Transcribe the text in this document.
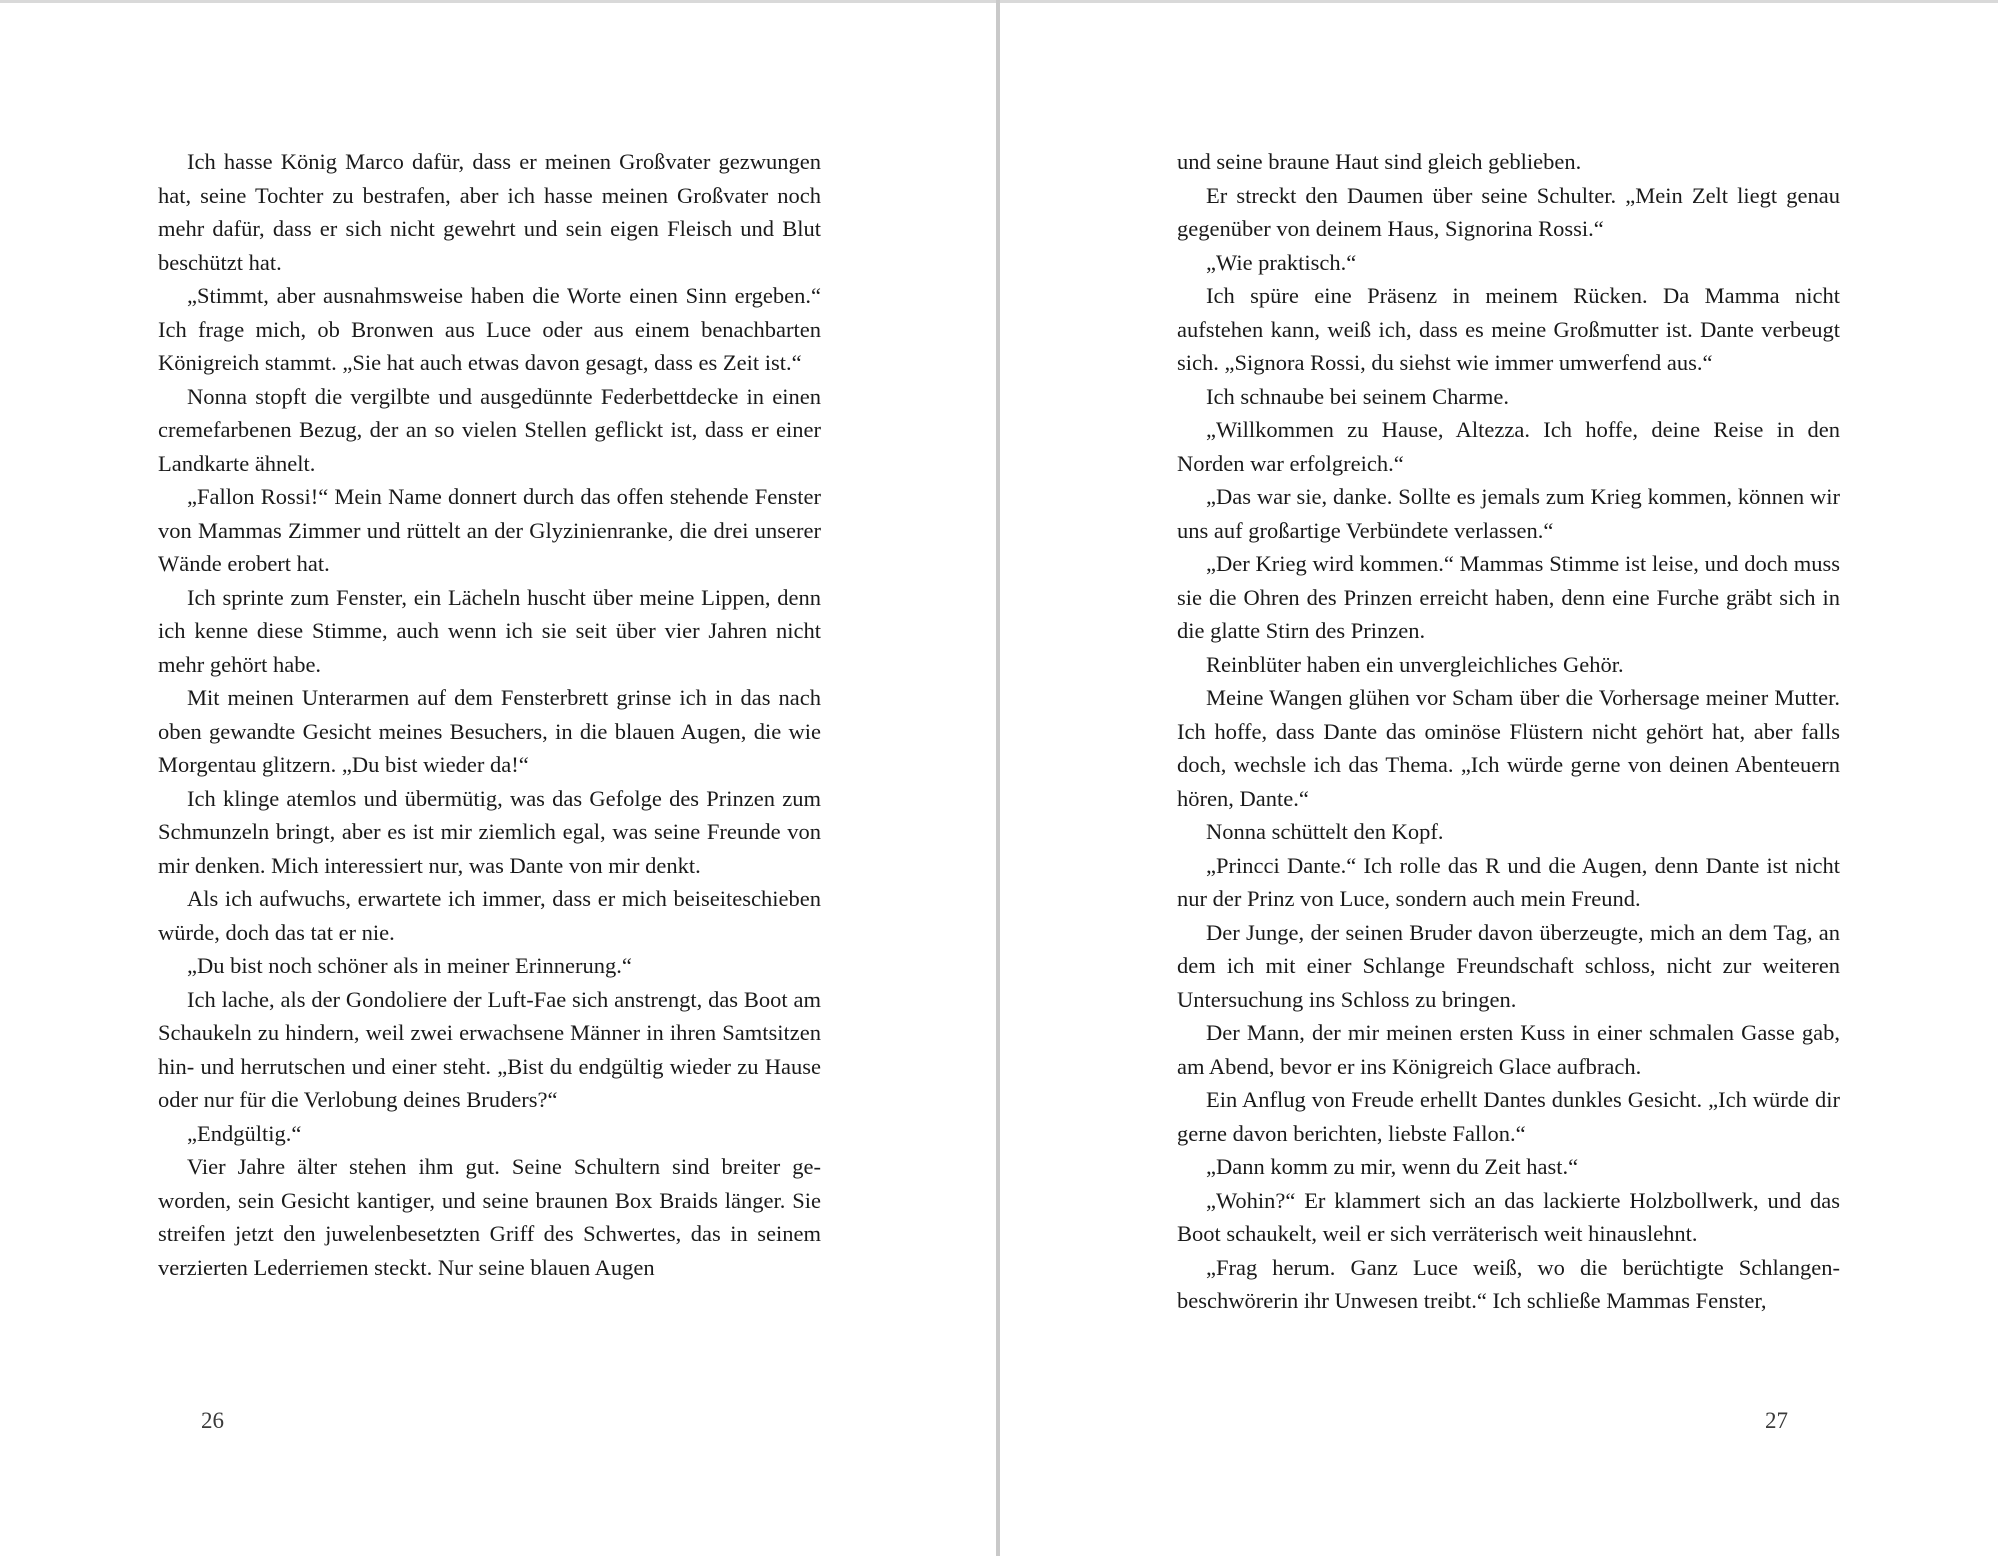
Ich hasse König Marco dafür, dass er meinen Großvater gezwungen hat, seine Tochter zu bestrafen, aber ich hasse meinen Großvater noch mehr dafür, dass er sich nicht gewehrt und sein eigen Fleisch und Blut beschützt hat.

„Stimmt, aber ausnahmsweise haben die Worte einen Sinn ergeben.“ Ich frage mich, ob Bronwen aus Luce oder aus einem benachbarten Königreich stammt. „Sie hat auch etwas davon gesagt, dass es Zeit ist.“

Nonna stopft die vergilbte und ausgedünnte Federbettdecke in einen cremefarbenen Bezug, der an so vielen Stellen geflickt ist, dass er einer Landkarte ähnelt.

„Fallon Rossi!“ Mein Name donnert durch das offen stehende Fenster von Mammas Zimmer und rüttelt an der Glyzinienranke, die drei unserer Wände erobert hat.

Ich sprinte zum Fenster, ein Lächeln huscht über meine Lippen, denn ich kenne diese Stimme, auch wenn ich sie seit über vier Jahren nicht mehr gehört habe.

Mit meinen Unterarmen auf dem Fensterbrett grinse ich in das nach oben gewandte Gesicht meines Besuchers, in die blauen Augen, die wie Morgentau glitzern. „Du bist wieder da!“

Ich klinge atemlos und übermütig, was das Gefolge des Prinzen zum Schmunzeln bringt, aber es ist mir ziemlich egal, was seine Freunde von mir denken. Mich interessiert nur, was Dante von mir denkt.

Als ich aufwuchs, erwartete ich immer, dass er mich beiseiteschieben würde, doch das tat er nie.

„Du bist noch schöner als in meiner Erinnerung.“

Ich lache, als der Gondoliere der Luft-Fae sich anstrengt, das Boot am Schaukeln zu hindern, weil zwei erwachsene Männer in ihren Samtsitzen hin- und herrutschen und einer steht. „Bist du endgültig wieder zu Hause oder nur für die Verlobung deines Bruders?“

„Endgültig.“

Vier Jahre älter stehen ihm gut. Seine Schultern sind breiter geworden, sein Gesicht kantiger, und seine braunen Box Braids länger. Sie streifen jetzt den juwelenbesetzten Griff des Schwertes, das in seinem verzierten Lederriemen steckt. Nur seine blauen Augen

26

und seine braune Haut sind gleich geblieben.

Er streckt den Daumen über seine Schulter. „Mein Zelt liegt genau gegenüber von deinem Haus, Signorina Rossi.“

„Wie praktisch.“

Ich spüre eine Präsenz in meinem Rücken. Da Mamma nicht aufstehen kann, weiß ich, dass es meine Großmutter ist. Dante verbeugt sich. „Signora Rossi, du siehst wie immer umwerfend aus.“

Ich schnaube bei seinem Charme.

„Willkommen zu Hause, Altezza. Ich hoffe, deine Reise in den Norden war erfolgreich.“

„Das war sie, danke. Sollte es jemals zum Krieg kommen, können wir uns auf großartige Verbündete verlassen.“

„Der Krieg wird kommen.“ Mammas Stimme ist leise, und doch muss sie die Ohren des Prinzen erreicht haben, denn eine Furche gräbt sich in die glatte Stirn des Prinzen.

Reinblüter haben ein unvergleichliches Gehör.

Meine Wangen glühen vor Scham über die Vorhersage meiner Mutter. Ich hoffe, dass Dante das ominöse Flüstern nicht gehört hat, aber falls doch, wechsle ich das Thema. „Ich würde gerne von deinen Abenteuern hören, Dante.“

Nonna schüttelt den Kopf.

„Princci Dante.“ Ich rolle das R und die Augen, denn Dante ist nicht nur der Prinz von Luce, sondern auch mein Freund.

Der Junge, der seinen Bruder davon überzeugte, mich an dem Tag, an dem ich mit einer Schlange Freundschaft schloss, nicht zur weiteren Untersuchung ins Schloss zu bringen.

Der Mann, der mir meinen ersten Kuss in einer schmalen Gasse gab, am Abend, bevor er ins Königreich Glace aufbrach.

Ein Anflug von Freude erhellt Dantes dunkles Gesicht. „Ich würde dir gerne davon berichten, liebste Fallon.“

„Dann komm zu mir, wenn du Zeit hast.“

„Wohin?“ Er klammert sich an das lackierte Holzbollwerk, und das Boot schaukelt, weil er sich verräterisch weit hinauslehnt.

„Frag herum. Ganz Luce weiß, wo die berüchtigte Schlangenbeschwörerin ihr Unwesen treibt.“ Ich schließe Mammas Fenster,

27
